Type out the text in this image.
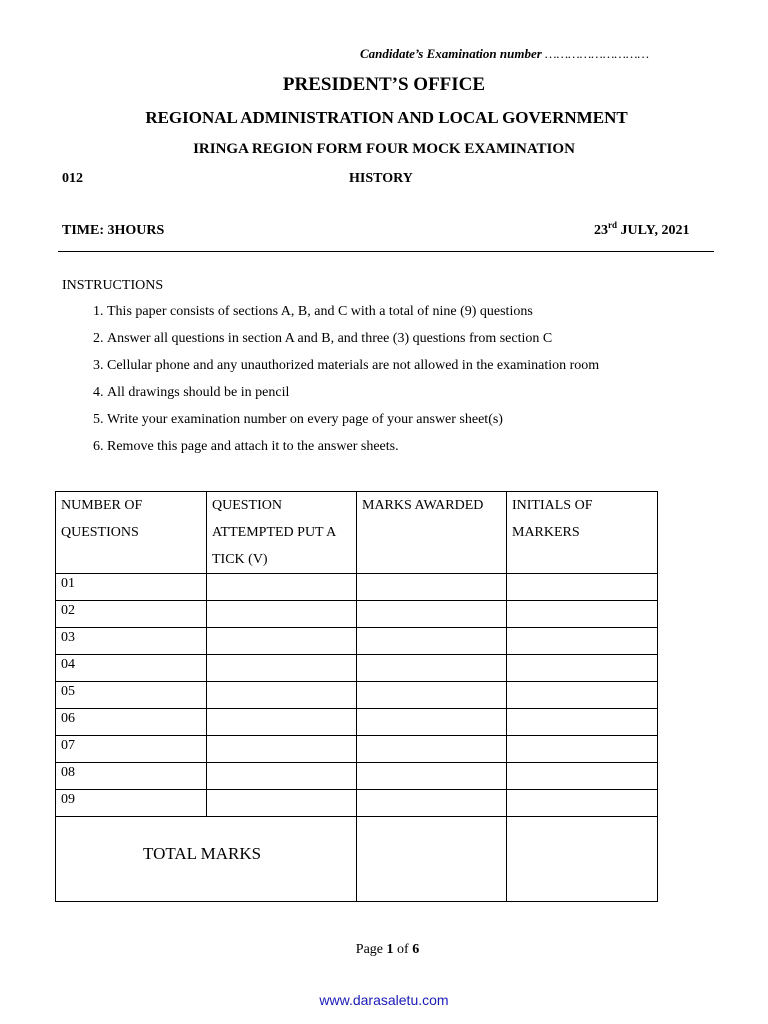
Candidate’s Examination number ………………………
PRESIDENT’S OFFICE
REGIONAL ADMINISTRATION AND LOCAL GOVERNMENT
IRINGA REGION FORM FOUR MOCK EXAMINATION
012	HISTORY
TIME: 3HOURS	23rd JULY, 2021
INSTRUCTIONS
1. This paper consists of sections A, B, and C with a total of nine (9) questions
2. Answer all questions in section A and B, and three (3) questions from section C
3. Cellular phone and any unauthorized materials are not allowed in the examination room
4. All drawings should be in pencil
5. Write your examination number on every page of your answer sheet(s)
6. Remove this page and attach it to the answer sheets.
NUMBER OF QUESTIONS	QUESTION ATTEMPTED PUT A TICK (V)	MARKS AWARDED	INITIALS OF MARKERS
01			
02			
03			
04			
05			
06			
07			
08			
09			

TOTAL MARKS			

Page 1 of 6
www.darasaletu.com
